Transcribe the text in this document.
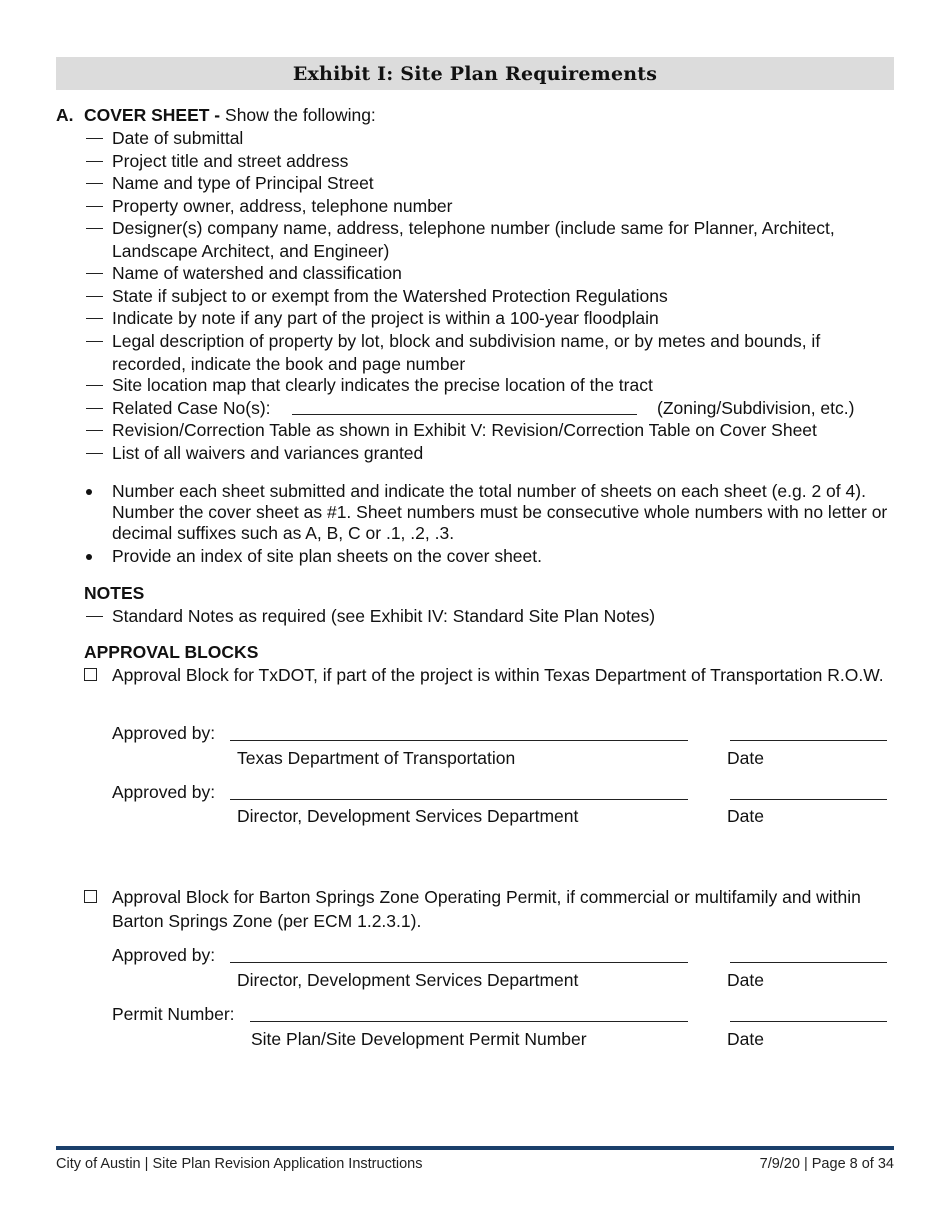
Exhibit I: Site Plan Requirements
A. COVER SHEET - Show the following:
Date of submittal
Project title and street address
Name and type of Principal Street
Property owner, address, telephone number
Designer(s) company name, address, telephone number (include same for Planner, Architect, Landscape Architect, and Engineer)
Name of watershed and classification
State if subject to or exempt from the Watershed Protection Regulations
Indicate by note if any part of the project is within a 100-year floodplain
Legal description of property by lot, block and subdivision name, or by metes and bounds, if recorded, indicate the book and page number
Site location map that clearly indicates the precise location of the tract
Related Case No(s):	(Zoning/Subdivision, etc.)
Revision/Correction Table as shown in Exhibit V: Revision/Correction Table on Cover Sheet
List of all waivers and variances granted
Number each sheet submitted and indicate the total number of sheets on each sheet (e.g. 2 of 4). Number the cover sheet as #1. Sheet numbers must be consecutive whole numbers with no letter or decimal suffixes such as A, B, C or .1, .2, .3.
Provide an index of site plan sheets on the cover sheet.
NOTES
Standard Notes as required (see Exhibit IV: Standard Site Plan Notes)
APPROVAL BLOCKS
Approval Block for TxDOT, if part of the project is within Texas Department of Transportation R.O.W.
Approved by:
Texas Department of Transportation	Date
Approved by:
Director, Development Services Department	Date
Approval Block for Barton Springs Zone Operating Permit, if commercial or multifamily and within Barton Springs Zone (per ECM 1.2.3.1).
Approved by:
Director, Development Services Department	Date
Permit Number:
Site Plan/Site Development Permit Number	Date
City of Austin | Site Plan Revision Application Instructions	7/9/20 | Page 8 of 34
